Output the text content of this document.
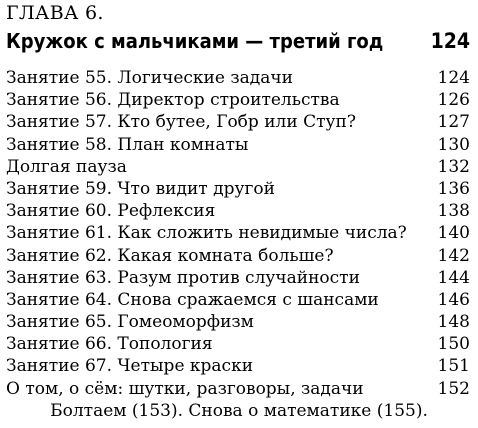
ГЛАВА 6.
Кружок с мальчиками — третий год 124
Занятие 55. Логические задачи	124
Занятие 56. Директор строительства	126
Занятие 57. Кто бутее, Гобр или Ступ?	127
Занятие 58. План комнаты	130
Долгая пауза	132
Занятие 59. Что видит другой	136
Занятие 60. Рефлексия	138
Занятие 61. Как сложить невидимые числа?	140
Занятие 62. Какая комната больше?	142
Занятие 63. Разум против случайности	144
Занятие 64. Снова сражаемся с шансами	146
Занятие 65. Гомеоморфизм	148
Занятие 66. Топология	150
Занятие 67. Четыре краски	151
О том, о сём: шутки, разговоры, задачи	152
Болтаем (153). Снова о математике (155).
